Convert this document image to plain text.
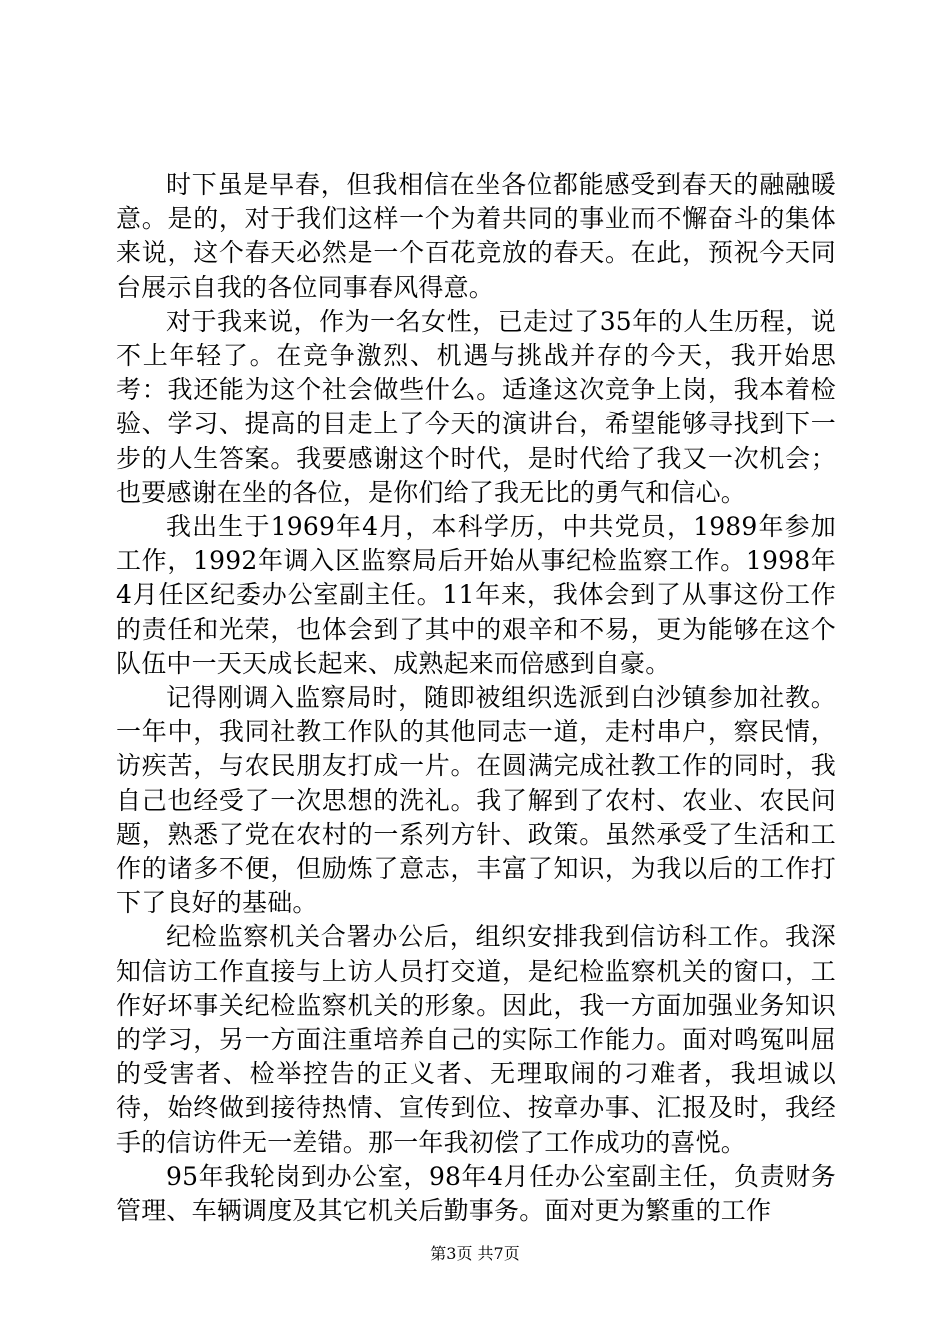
时下虽是早春，但我相信在坐各位都能感受到春天的融融暖意。是的，对于我们这样一个为着共同的事业而不懈奋斗的集体来说，这个春天必然是一个百花竞放的春天。在此，预祝今天同台展示自我的各位同事春风得意。

对于我来说，作为一名女性，已走过了35年的人生历程，说不上年轻了。在竞争激烈、机遇与挑战并存的今天，我开始思考：我还能为这个社会做些什么。适逢这次竞争上岗，我本着检验、学习、提高的目走上了今天的演讲台，希望能够寻找到下一步的人生答案。我要感谢这个时代，是时代给了我又一次机会；也要感谢在坐的各位，是你们给了我无比的勇气和信心。

我出生于1969年4月，本科学历，中共党员，1989年参加工作，1992年调入区监察局后开始从事纪检监察工作。1998年4月任区纪委办公室副主任。11年来，我体会到了从事这份工作的责任和光荣，也体会到了其中的艰辛和不易，更为能够在这个队伍中一天天成长起来、成熟起来而倍感到自豪。

记得刚调入监察局时，随即被组织选派到白沙镇参加社教。一年中，我同社教工作队的其他同志一道，走村串户，察民情，访疾苦，与农民朋友打成一片。在圆满完成社教工作的同时，我自己也经受了一次思想的洗礼。我了解到了农村、农业、农民问题，熟悉了党在农村的一系列方针、政策。虽然承受了生活和工作的诸多不便，但励炼了意志，丰富了知识，为我以后的工作打下了良好的基础。

纪检监察机关合署办公后，组织安排我到信访科工作。我深知信访工作直接与上访人员打交道，是纪检监察机关的窗口，工作好坏事关纪检监察机关的形象。因此，我一方面加强业务知识的学习，另一方面注重培养自己的实际工作能力。面对鸣冤叫屈的受害者、检举控告的正义者、无理取闹的刁难者，我坦诚以待，始终做到接待热情、宣传到位、按章办事、汇报及时，我经手的信访件无一差错。那一年我初偿了工作成功的喜悦。

95年我轮岗到办公室，98年4月任办公室副主任，负责财务管理、车辆调度及其它机关后勤事务。面对更为繁重的工作

第3页 共7页
